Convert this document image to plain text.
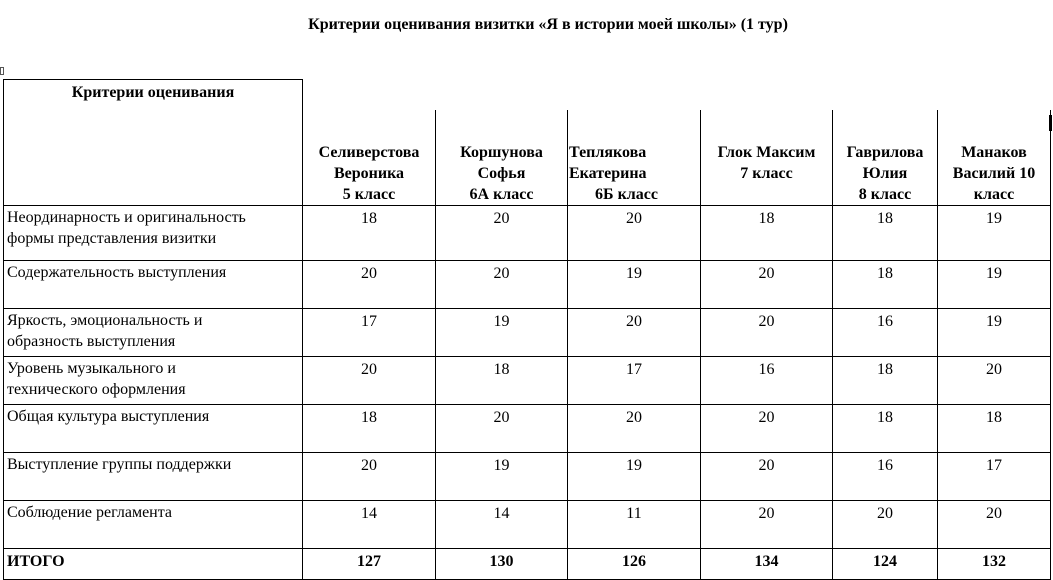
Критерии оценивания визитки «Я в истории моей школы» (1 тур)
Критерии оценивания						

	Селиверстова
Вероника
5 класс	Коршунова
Софья
6А класс	Теплякова
Екатерина
6Б класс	Глок Максим
7 класс	Гаврилова
Юлия
8 класс	Манаков
Василий 10
класс

Неординарность и оригинальность
формы представления визитки	18	20	20	18	18	19

Содержательность выступления	20	20	19	20	18	19

Яркость, эмоциональность и
образность выступления	17	19	20	20	16	19

Уровень музыкального и
технического оформления	20	18	17	16	18	20

Общая культура выступления	18	20	20	20	18	18

Выступление группы поддержки	20	19	19	20	16	17

Соблюдение регламента	14	14	11	20	20	20
ИТОГО	127	130	126	134	124	132
